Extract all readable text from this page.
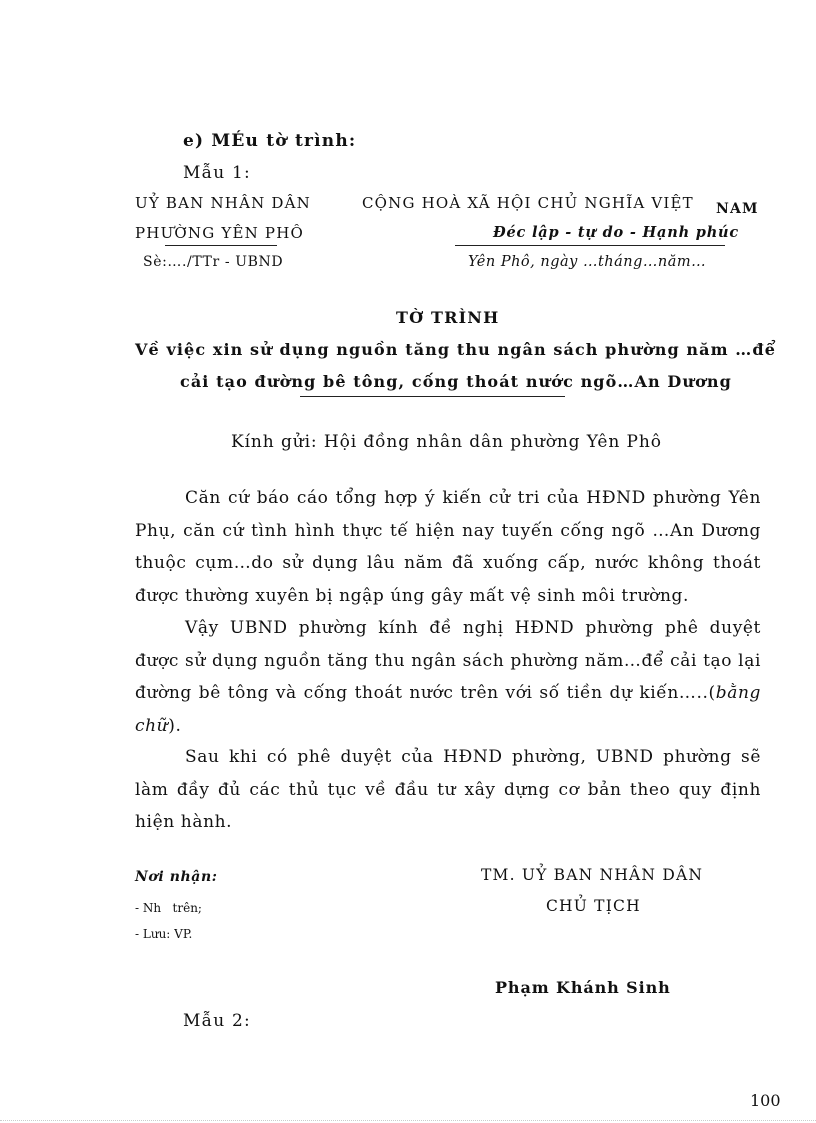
e) MÉu tờ trình:
Mẫu 1:
UỶ BAN NHÂN DÂN
PHƯỜNG YÊN PHÔ
Sè:…./TTr - UBND
CỘNG HOÀ XÃ HỘI CHỦ NGHĨA VIỆT NAM
Đéc lập - tự do - Hạnh phúc
Yên Phô, ngày …tháng…năm…
TỜ TRÌNH
Về việc xin sử dụng nguồn tăng thu ngân sách phường năm …để
cải tạo đường bê tông, cống thoát nước ngõ…An Dương
Kính gửi: Hội đồng nhân dân phường Yên Phô
Căn cứ báo cáo tổng hợp ý kiến cử tri của HĐND phường Yên Phụ, căn cứ tình hình thực tế hiện nay tuyến cống ngõ …An Dương thuộc cụm…do sử dụng lâu năm đã xuống cấp, nước không thoát được thường xuyên bị ngập úng gây mất vệ sinh môi trường.
Vậy UBND phường kính đề nghị HĐND phường phê duyệt được sử dụng nguồn tăng thu ngân sách phường năm…để cải tạo lại đường bê tông và cống thoát nước trên với số tiền dự kiến…..(bằng chữ).
Sau khi có phê duyệt của HĐND phường, UBND phường sẽ làm đầy đủ các thủ tục về đầu tư xây dựng cơ bản theo quy định hiện hành.
Nơi nhận:
- Nh   trên;
- Lưu: VP.
TM. UỶ BAN NHÂN DÂN
CHỦ TỊCH
Phạm Khánh Sinh
Mẫu 2:
100
